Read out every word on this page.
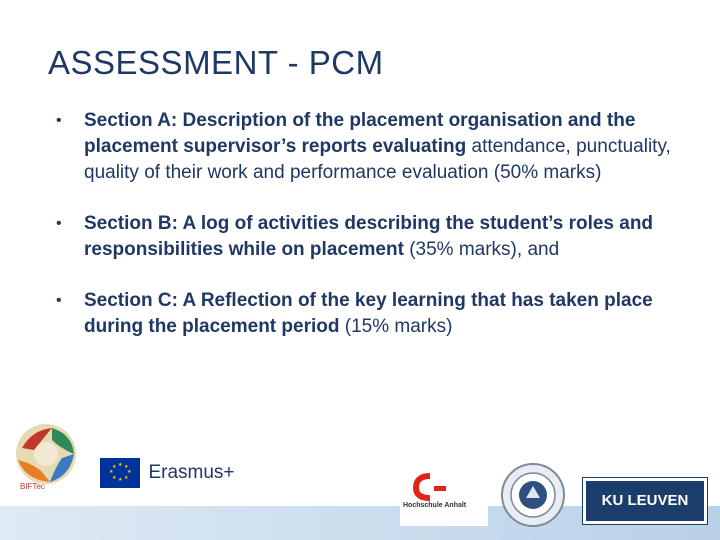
ASSESSMENT - PCM
• Section A: Description of the placement organisation and the placement supervisor’s reports evaluating attendance, punctuality, quality of their work and performance evaluation (50% marks)
• Section B: A log of activities describing the student’s roles and responsibilities while on placement (35% marks), and
• Section C: A Reflection of the key learning that has taken place during the placement period (15% marks)
BIFTec
★ ★
★
★
★
★
★
★ Erasmus+
Hochschule Anhalt	KU LEUVEN
